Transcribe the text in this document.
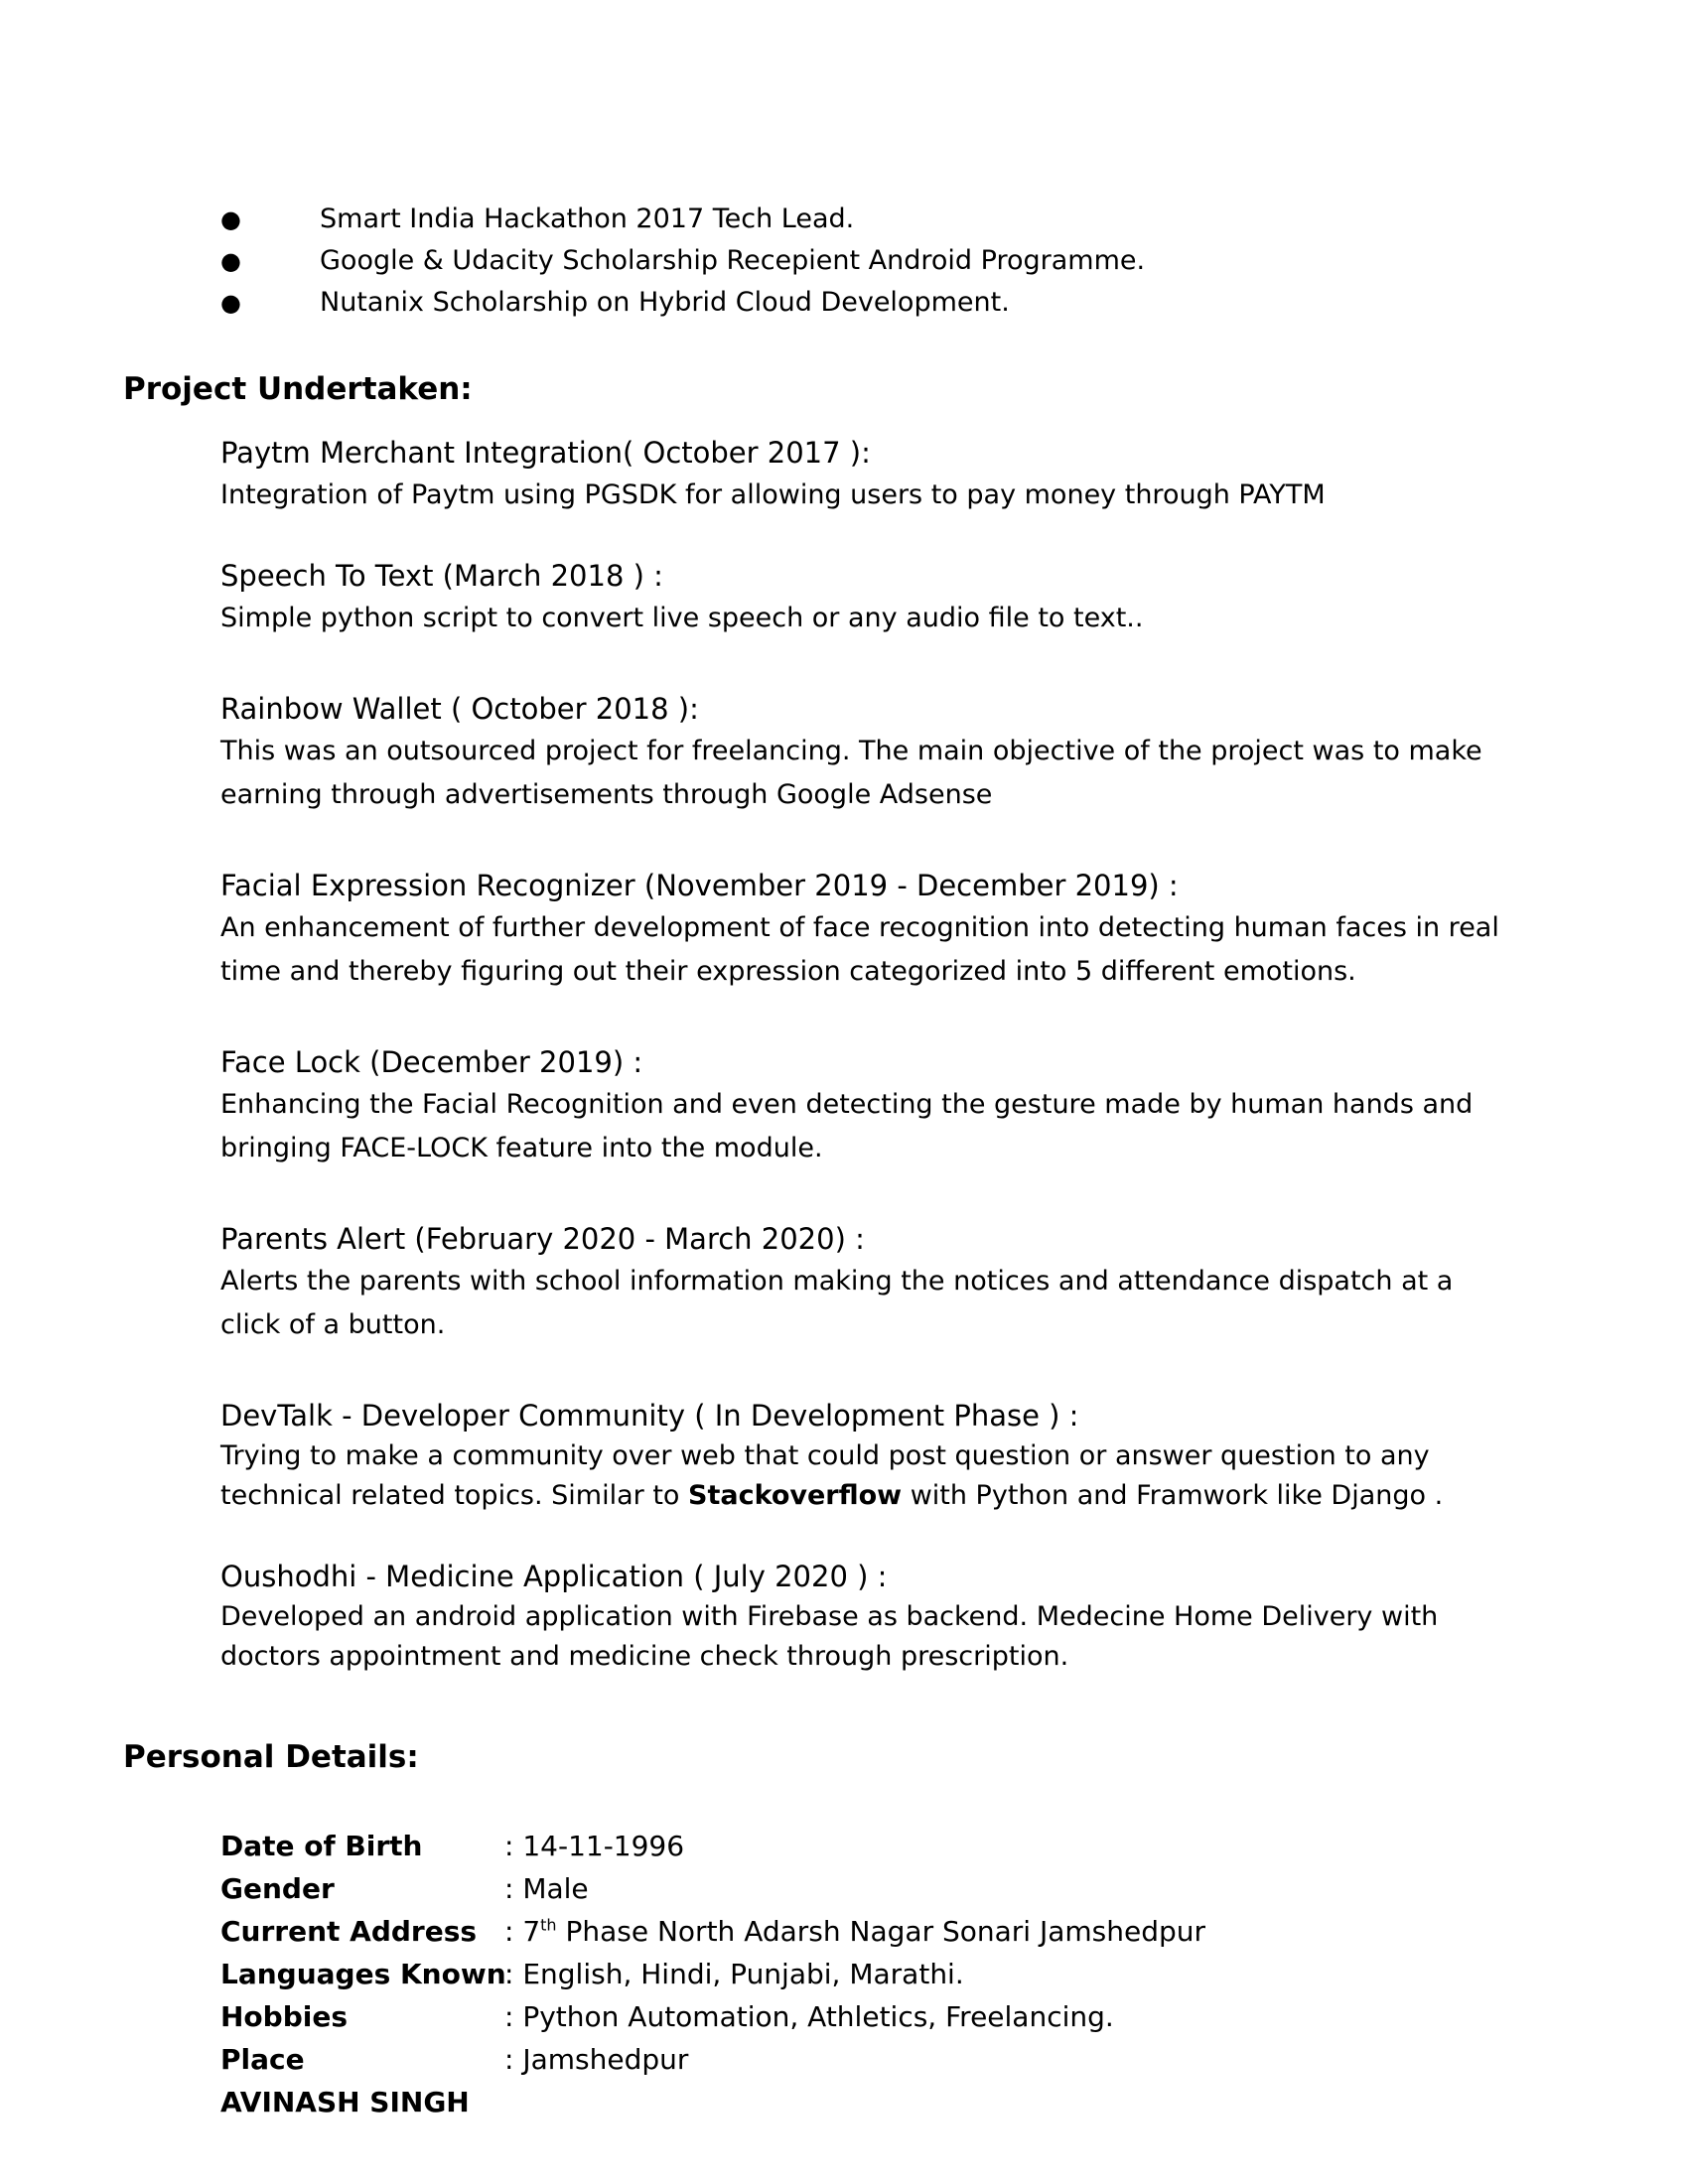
●	Smart India Hackathon 2017 Tech Lead.
●	Google & Udacity Scholarship Recepient Android Programme.
●	Nutanix Scholarship on Hybrid Cloud Development.
Project Undertaken:
Paytm Merchant Integration( October 2017 ):
Integration of Paytm using PGSDK for allowing users to pay money through PAYTM
Speech To Text (March 2018 ) :
Simple python script to convert live speech or any audio file to text..
Rainbow Wallet ( October 2018 ):
This was an outsourced project for freelancing. The main objective of the project was to make earning through advertisements through Google Adsense
Facial Expression Recognizer (November 2019 - December 2019) :
An enhancement of further development of face recognition into detecting human faces in real time and thereby figuring out their expression categorized into 5 different emotions.
Face Lock (December 2019) :
Enhancing the Facial Recognition and even detecting the gesture made by human hands and bringing FACE-LOCK feature into the module.
Parents Alert (February 2020 - March 2020) :
Alerts the parents with school information making the notices and attendance dispatch at a click of a button.
DevTalk - Developer Community ( In Development Phase ) :
Trying to make a community over web that could post question or answer question to any technical related topics. Similar to Stackoverflow with Python and Framwork like Django .
Oushodhi - Medicine Application ( July 2020 ) :
Developed an android application with Firebase as backend. Medecine Home Delivery with doctors appointment and medicine check through prescription.
Personal Details:
Date of Birth	: 14-11-1996
Gender	: Male
Current Address : 7th Phase North Adarsh Nagar Sonari Jamshedpur
Languages Known
: English, Hindi, Punjabi, Marathi.
Hobbies	: Python Automation, Athletics, Freelancing.
Place	: Jamshedpur
AVINASH SINGH
